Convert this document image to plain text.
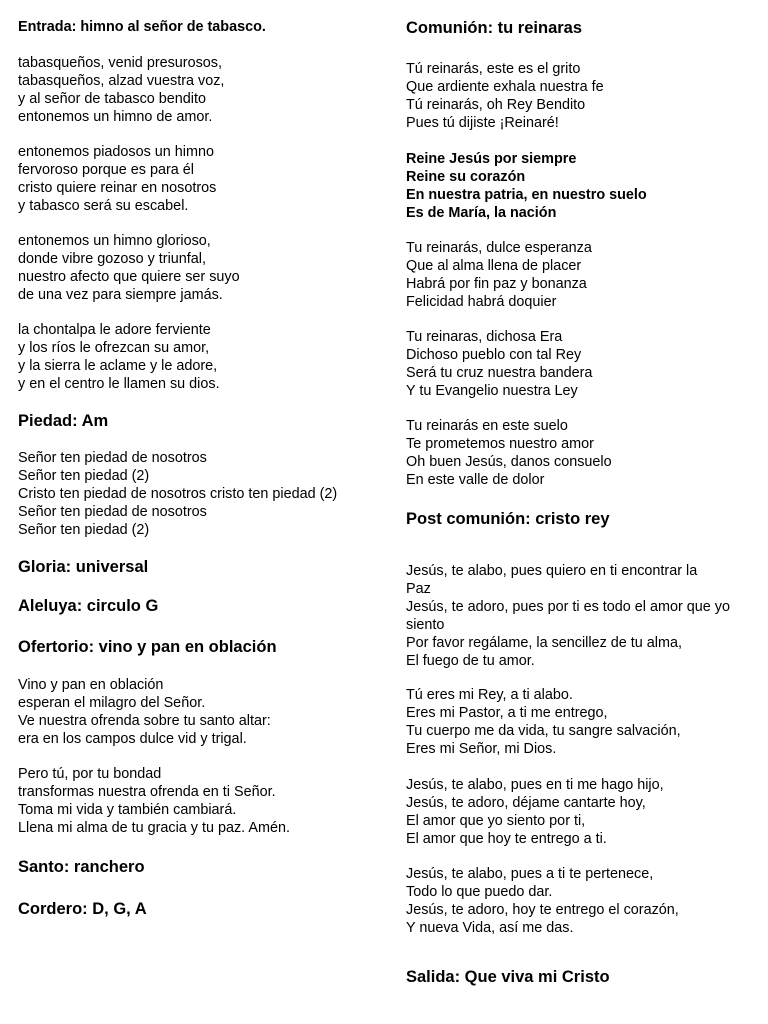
Entrada: himno al señor de tabasco.
tabasqueños, venid presurosos,
tabasqueños, alzad vuestra voz,
y al señor de tabasco bendito
entonemos un himno de amor.
entonemos piadosos un himno
fervoroso porque es para él
cristo quiere reinar en nosotros
y tabasco será su escabel.
entonemos un himno glorioso,
donde vibre gozoso y triunfal,
nuestro afecto que quiere ser suyo
de una vez para siempre jamás.
la chontalpa le adore ferviente
y los ríos le ofrezcan su amor,
y la sierra le aclame y le adore,
y en el centro le llamen su dios.
Piedad: Am
Señor ten piedad de nosotros
Señor ten piedad (2)
Cristo ten piedad de nosotros cristo ten piedad (2)
Señor ten piedad de nosotros
Señor ten piedad (2)
Gloria: universal
Aleluya: circulo G
Ofertorio: vino y pan en oblación
Vino y pan en oblación
esperan el milagro del Señor.
Ve nuestra ofrenda sobre tu santo altar:
era en los campos dulce vid y trigal.
Pero tú, por tu bondad
transformas nuestra ofrenda en ti Señor.
Toma mi vida y también cambiará.
Llena mi alma de tu gracia y tu paz. Amén.
Santo: ranchero
Cordero: D, G, A
Comunión: tu reinaras
Tú reinarás, este es el grito
Que ardiente exhala nuestra fe
Tú reinarás, oh Rey Bendito
Pues tú dijiste ¡Reinaré!
Reine Jesús por siempre
Reine su corazón
En nuestra patria, en nuestro suelo
Es de María, la nación
Tu reinarás, dulce esperanza
Que al alma llena de placer
Habrá por fin paz y bonanza
Felicidad habrá doquier
Tu reinaras, dichosa Era
Dichoso pueblo con tal Rey
Será tu cruz nuestra bandera
Y tu Evangelio nuestra Ley
Tu reinarás en este suelo
Te prometemos nuestro amor
Oh buen Jesús, danos consuelo
En este valle de dolor
Post comunión: cristo rey
Jesús, te alabo, pues quiero en ti encontrar la
Paz
Jesús, te adoro, pues por ti es todo el amor que yo
siento
Por favor regálame, la sencillez de tu alma,
El fuego de tu amor.
Tú eres mi Rey, a ti alabo.
Eres mi Pastor, a ti me entrego,
Tu cuerpo me da vida, tu sangre salvación,
Eres mi Señor, mi Dios.
Jesús, te alabo, pues en ti me hago hijo,
Jesús, te adoro, déjame cantarte hoy,
El amor que yo siento por ti,
El amor que hoy te entrego a ti.
Jesús, te alabo, pues a ti te pertenece,
Todo lo que puedo dar.
Jesús, te adoro, hoy te entrego el corazón,
Y nueva Vida, así me das.
Salida: Que viva mi Cristo
